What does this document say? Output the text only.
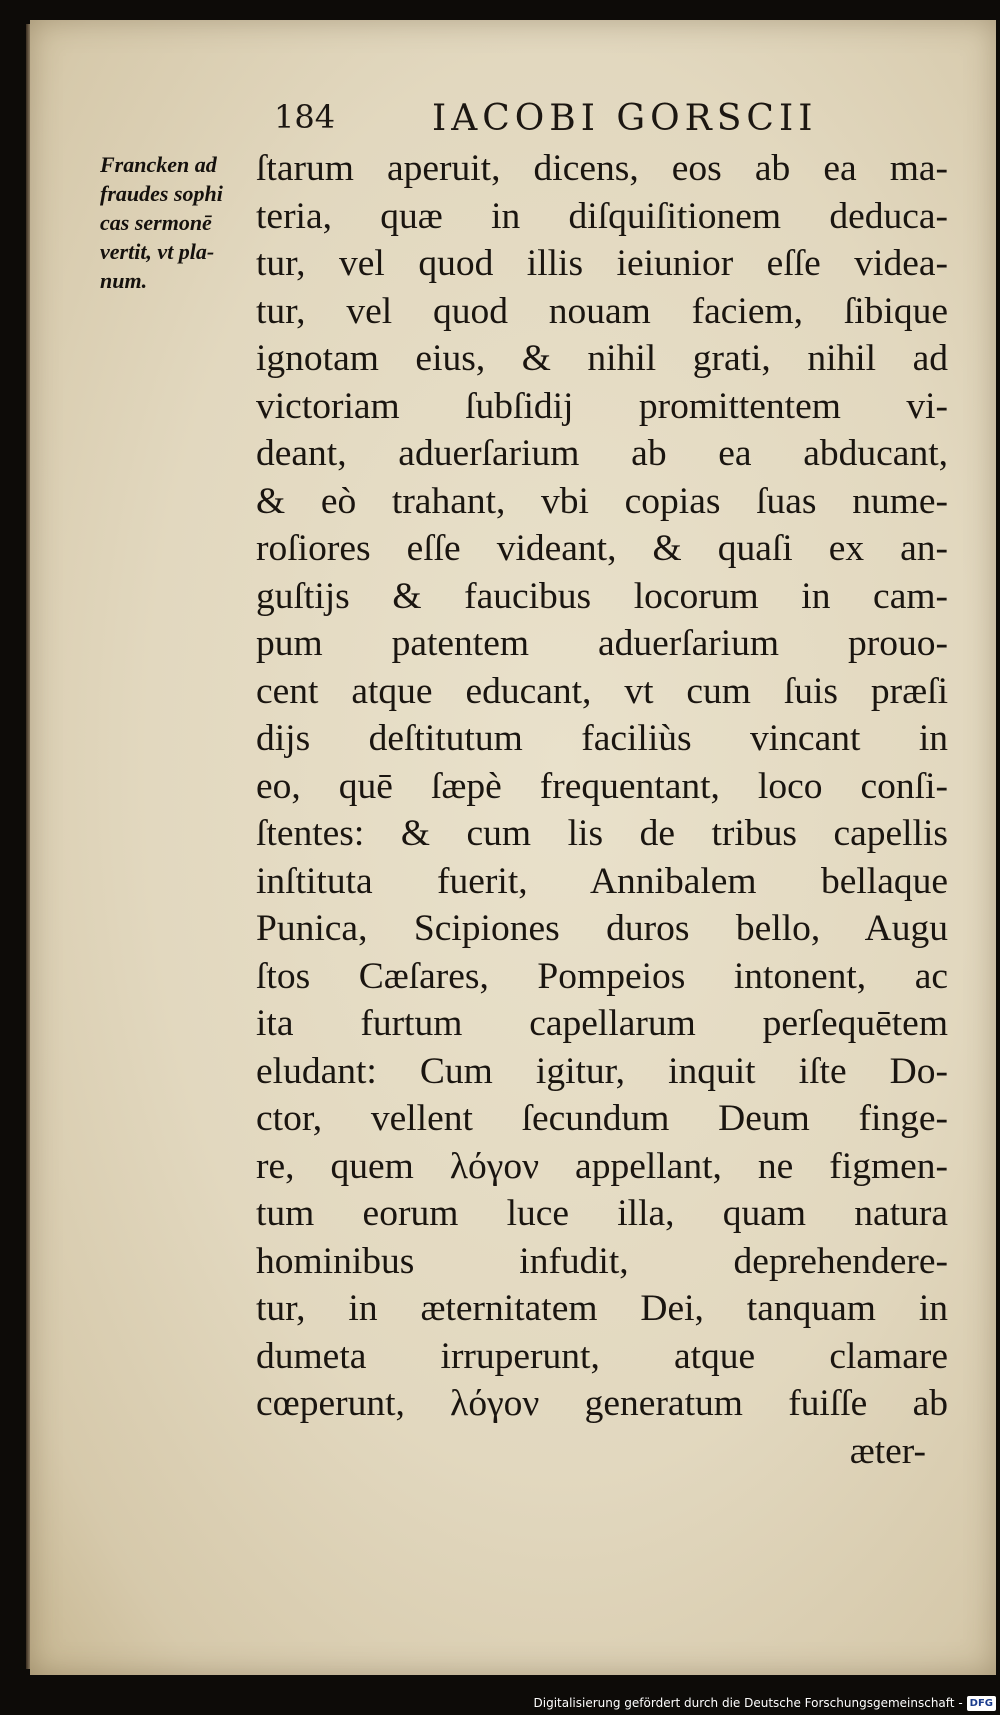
184	IACOBI GORSCII
Francken ad
fraudes sophi
cas sermonē
vertit, vt pla-
num.
ſtarum aperuit, dicens, eos ab ea ma-
teria, quæ in diſquiſitionem deduca-
tur, vel quod illis ieiunior eſſe videa-
tur, vel quod nouam faciem, ſibique
ignotam eius, & nihil grati, nihil ad
victoriam ſubſidij promittentem vi-
deant, aduerſarium ab ea abducant,
& eò trahant, vbi copias ſuas nume-
roſiores eſſe videant, & quaſi ex an-
guſtijs & faucibus locorum in cam-
pum patentem aduerſarium prouo-
cent atque educant, vt cum ſuis præſi
dijs deſtitutum faciliùs vincant in
eo, quē ſæpè frequentant, loco conſi-
ſtentes: & cum lis de tribus capellis
inſtituta fuerit, Annibalem bellaque
Punica, Scipiones duros bello, Augu
ſtos Cæſares, Pompeios intonent, ac
ita furtum capellarum perſequētem
eludant: Cum igitur, inquit iſte Do-
ctor, vellent ſecundum Deum finge-
re, quem λόγον appellant, ne figmen-
tum eorum luce illa, quam natura
hominibus infudit, deprehendere-
tur, in æternitatem Dei, tanquam in
dumeta irruperunt, atque clamare
cœperunt, λόγον generatum fuiſſe ab
æter-
Digitalisierung gefördert durch die Deutsche Forschungsgemeinschaft - DFG
